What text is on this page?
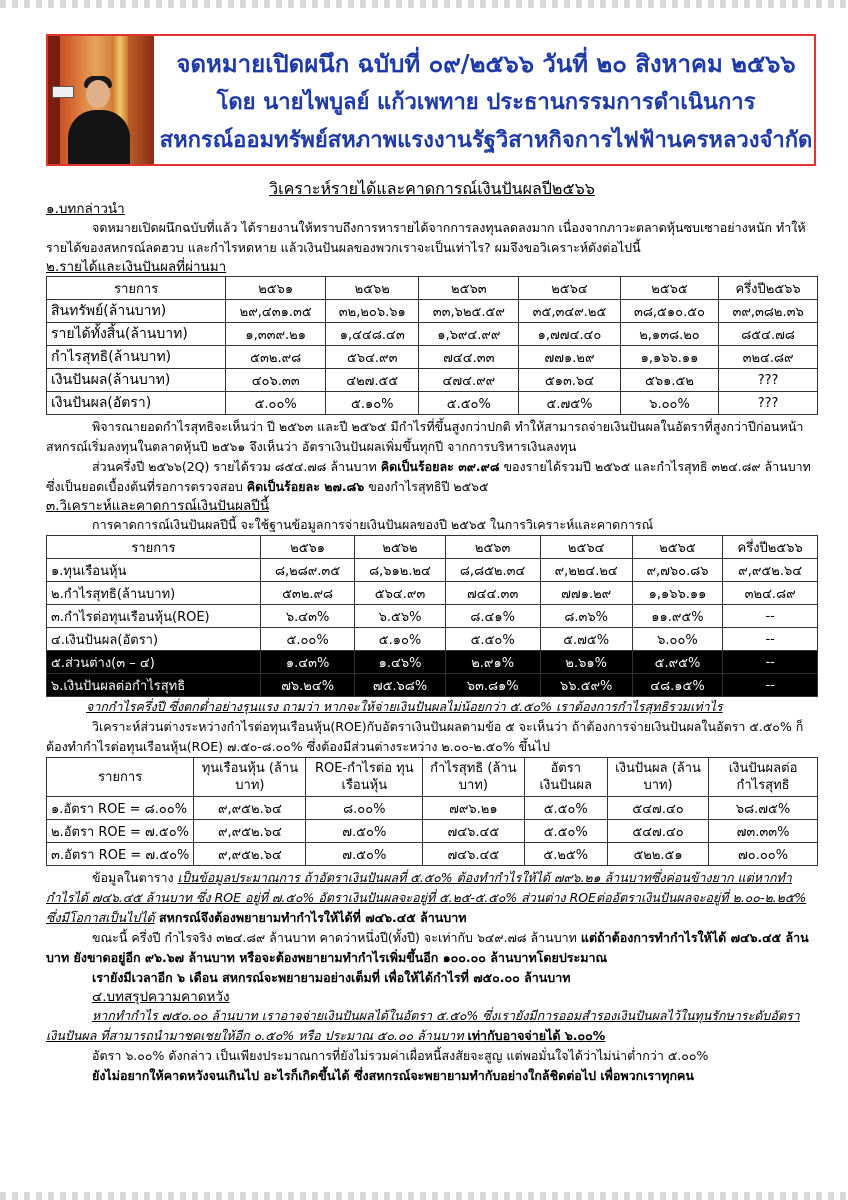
จดหมายเปิดผนึก ฉบับที่ ๐๙/๒๕๖๖ วันที่ ๒๐ สิงหาคม ๒๕๖๖
โดย นายไพบูลย์ แก้วเพทาย ประธานกรรมการดำเนินการ
สหกรณ์ออมทรัพย์สหภาพแรงงานรัฐวิสาหกิจการไฟฟ้านครหลวงจำกัด
วิเคราะห์รายได้และคาดการณ์เงินปันผลปี๒๕๖๖
๑.บทกล่าวนำ
จดหมายเปิดผนึกฉบับที่แล้ว ได้รายงานให้ทราบถึงการหารายได้จากการลงทุนลดลงมาก เนื่องจากภาวะตลาดหุ้นซบเซาอย่างหนัก ทำให้รายได้ของสหกรณ์ลดฮวบ และกำไรหดหาย แล้วเงินปันผลของพวกเราจะเป็นเท่าไร? ผมจึงขอวิเคราะห์ดังต่อไปนี้
๒.รายได้และเงินปันผลที่ผ่านมา
รายการ	๒๕๖๑	๒๕๖๒	๒๕๖๓	๒๕๖๔	๒๕๖๕	ครึ่งปี๒๕๖๖
สินทรัพย์(ล้านบาท)	๒๙,๔๓๑.๓๕	๓๒,๒๐๖.๖๑	๓๓,๖๒๕.๕๙	๓๕,๓๔๙.๒๕	๓๘,๕๑๐.๕๐	๓๙,๓๘๒.๓๖
รายได้ทั้งสิ้น(ล้านบาท)	๑,๓๓๙.๒๑	๑,๔๔๘.๔๓	๑,๖๙๔.๙๙	๑,๗๗๔.๔๐	๒,๑๓๘.๒๐	๘๕๔.๗๘
กำไรสุทธิ(ล้านบาท)	๕๓๒.๙๘	๕๖๔.๙๓	๗๔๔.๓๓	๗๗๑.๒๙	๑,๑๖๖.๑๑	๓๒๔.๘๙
เงินปันผล(ล้านบาท)	๔๐๖.๓๓	๔๒๗.๕๕	๔๗๔.๙๙	๕๑๓.๖๔	๕๖๑.๕๒	???
เงินปันผล(อัตรา)	๕.๐๐%	๕.๑๐%	๕.๕๐%	๕.๗๕%	๖.๐๐%	???
พิจารณายอดกำไรสุทธิจะเห็นว่า ปี ๒๕๖๓ และปี ๒๕๖๕ มีกำไรที่ขึ้นสูงกว่าปกติ ทำให้สามารถจ่ายเงินปันผลในอัตราที่สูงกว่าปีก่อนหน้า สหกรณ์เริ่มลงทุนในตลาดหุ้นปี ๒๕๖๑ จึงเห็นว่า อัตราเงินปันผลเพิ่มขึ้นทุกปี จากการบริหารเงินลงทุน
ส่วนครึ่งปี ๒๕๖๖(2Q) รายได้รวม ๘๕๔.๗๘ ล้านบาท คิดเป็นร้อยละ ๓๙.๙๘ ของรายได้รวมปี ๒๕๖๕ และกำไรสุทธิ ๓๒๔.๘๙ ล้านบาท ซึ่งเป็นยอดเบื้องต้นที่รอการตรวจสอบ คิดเป็นร้อยละ ๒๗.๘๖ ของกำไรสุทธิปี ๒๕๖๕
๓.วิเคราะห์และคาดการณ์เงินปันผลปีนี้
การคาดการณ์เงินปันผลปีนี้ จะใช้ฐานข้อมูลการจ่ายเงินปันผลของปี ๒๕๖๕ ในการวิเคราะห์และคาดการณ์
รายการ	๒๕๖๑	๒๕๖๒	๒๕๖๓	๒๕๖๔	๒๕๖๕	ครึ่งปี๒๕๖๖
๑.ทุนเรือนหุ้น	๘,๒๘๙.๓๕	๘,๖๑๒.๒๔	๘,๘๕๒.๓๔	๙,๒๒๔.๒๔	๙,๗๖๐.๘๖	๙,๙๕๒.๖๔
๒.กำไรสุทธิ(ล้านบาท)	๕๓๒.๙๘	๕๖๔.๙๓	๗๔๔.๓๓	๗๗๑.๒๙	๑,๑๖๖.๑๑	๓๒๔.๘๙
๓.กำไรต่อทุนเรือนหุ้น(ROE)	๖.๔๓%	๖.๕๖%	๘.๔๑%	๘.๓๖%	๑๑.๙๕%	--
๔.เงินปันผล(อัตรา)	๕.๐๐%	๕.๑๐%	๕.๕๐%	๕.๗๕%	๖.๐๐%	--
๕.ส่วนต่าง(๓ – ๔)	๑.๔๓%	๑.๔๖%	๒.๙๑%	๒.๖๑%	๕.๙๕%	--
๖.เงินปันผลต่อกำไรสุทธิ	๗๖.๒๔%	๗๕.๖๘%	๖๓.๘๑%	๖๖.๕๙%	๔๘.๑๕%	--
จากกำไรครึ่งปี ซึ่งตกต่ำอย่างรุนแรง ถามว่า หากจะให้จ่ายเงินปันผลไม่น้อยกว่า ๕.๕๐% เราต้องการกำไรสุทธิรวมเท่าไร
วิเคราะห์ส่วนต่างระหว่างกำไรต่อทุนเรือนหุ้น(ROE)กับอัตราเงินปันผลตามข้อ ๕ จะเห็นว่า ถ้าต้องการจ่ายเงินปันผลในอัตรา ๕.๕๐% ก็ต้องทำกำไรต่อทุนเรือนหุ้น(ROE) ๗.๕๐-๘.๐๐% ซึ่งต้องมีส่วนต่างระหว่าง ๒.๐๐-๒.๕๐% ขึ้นไป
รายการ	ทุนเรือนหุ้น (ล้านบาท)	ROE-กำไรต่อ ทุนเรือนหุ้น	กำไรสุทธิ (ล้านบาท)	อัตรา เงินปันผล	เงินปันผล (ล้านบาท)	เงินปันผลต่อ กำไรสุทธิ
๑.อัตรา ROE = ๘.๐๐%	๙,๙๕๒.๖๔	๘.๐๐%	๗๙๖.๒๑	๕.๕๐%	๕๔๗.๔๐	๖๘.๗๕%
๒.อัตรา ROE = ๗.๕๐%	๙,๙๕๒.๖๔	๗.๕๐%	๗๔๖.๔๕	๕.๕๐%	๕๔๗.๔๐	๗๓.๓๓%
๓.อัตรา ROE = ๗.๕๐%	๙,๙๕๒.๖๔	๗.๕๐%	๗๔๖.๔๕	๕.๒๕%	๕๒๒.๕๑	๗๐.๐๐%
ข้อมูลในตาราง เป็นข้อมูลประมาณการ ถ้าอัตราเงินปันผลที่ ๕.๕๐% ต้องทำกำไรให้ได้ ๗๙๖.๒๑ ล้านบาทซึ่งค่อนข้างยาก แต่หากทำกำไรได้ ๗๔๖.๔๕ ล้านบาท ซึ่ง ROE อยู่ที่ ๗.๕๐% อัตราเงินปันผลจะอยู่ที่ ๕.๒๕-๕.๕๐% ส่วนต่าง ROEต่ออัตราเงินปันผลจะอยู่ที่ ๒.๐๐-๒.๒๕% ซึ่งมีโอกาสเป็นไปได้ สหกรณ์จึงต้องพยายามทำกำไรให้ได้ที่ ๗๔๖.๔๕ ล้านบาท
ขณะนี้ ครึ่งปี กำไรจริง ๓๒๔.๘๙ ล้านบาท คาดว่าหนึ่งปี(ทั้งปี) จะเท่ากับ ๖๔๙.๗๘ ล้านบาท แต่ถ้าต้องการทำกำไรให้ได้ ๗๔๖.๔๕ ล้านบาท ยังขาดอยู่อีก ๙๖.๖๗ ล้านบาท หรือจะต้องพยายามทำกำไรเพิ่มขึ้นอีก ๑๐๐.๐๐ ล้านบาทโดยประมาณ
เรายังมีเวลาอีก ๖ เดือน สหกรณ์จะพยายามอย่างเต็มที่ เพื่อให้ได้กำไรที่ ๗๕๐.๐๐ ล้านบาท
๔.บทสรุปความคาดหวัง
หากทำกำไร ๗๕๐.๐๐ ล้านบาท เราอาจจ่ายเงินปันผลได้ในอัตรา ๕.๕๐% ซึ่งเรายังมีการออมสำรองเงินปันผลไว้ในทุนรักษาระดับอัตราเงินปันผล ที่สามารถนำมาชดเชยให้อีก ๐.๕๐% หรือ ประมาณ ๕๐.๐๐ ล้านบาท เท่ากับอาจจ่ายได้ ๖.๐๐%
อัตรา ๖.๐๐% ดังกล่าว เป็นเพียงประมาณการที่ยังไม่รวมค่าเผื่อหนี้สงสัยจะสูญ แต่พอมั่นใจได้ว่าไม่น่าต่ำกว่า ๕.๐๐%
ยังไม่อยากให้คาดหวังจนเกินไป อะไรก็เกิดขึ้นได้ ซึ่งสหกรณ์จะพยายามทำกับอย่างใกล้ชิดต่อไป เพื่อพวกเราทุกคน
